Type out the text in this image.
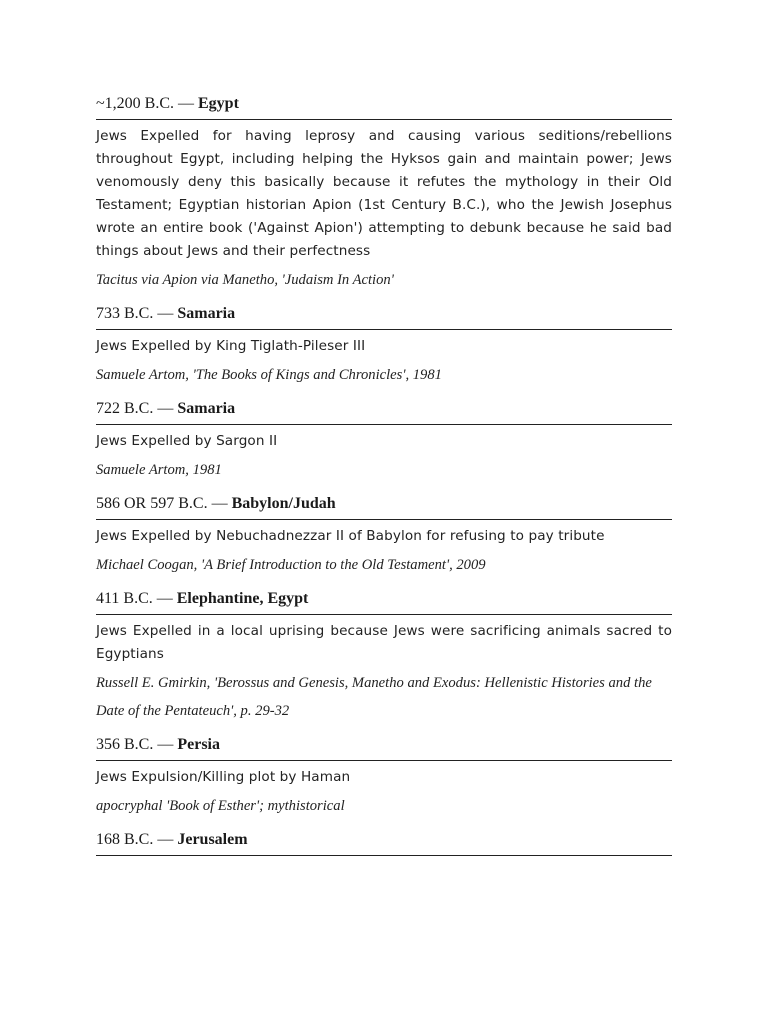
~1,200 B.C. — Egypt

Jews Expelled for having leprosy and causing various seditions/rebellions throughout Egypt, including helping the Hyksos gain and maintain power; Jews venomously deny this basically because it refutes the mythology in their Old Testament; Egyptian historian Apion (1st Century B.C.), who the Jewish Josephus wrote an entire book ('Against Apion') attempting to debunk because he said bad things about Jews and their perfectness

Tacitus via Apion via Manetho, 'Judaism In Action'

733 B.C. — Samaria

Jews Expelled by King Tiglath-Pileser III

Samuele Artom, 'The Books of Kings and Chronicles', 1981

722 B.C. — Samaria

Jews Expelled by Sargon II

Samuele Artom, 1981

586 OR 597 B.C. — Babylon/Judah

Jews Expelled by Nebuchadnezzar II of Babylon for refusing to pay tribute

Michael Coogan, 'A Brief Introduction to the Old Testament', 2009

411 B.C. — Elephantine, Egypt

Jews Expelled in a local uprising because Jews were sacrificing animals sacred to Egyptians

Russell E. Gmirkin, 'Berossus and Genesis, Manetho and Exodus: Hellenistic Histories and the Date of the Pentateuch', p. 29-32

356 B.C. — Persia

Jews Expulsion/Killing plot by Haman

apocryphal 'Book of Esther'; mythistorical

168 B.C. — Jerusalem
